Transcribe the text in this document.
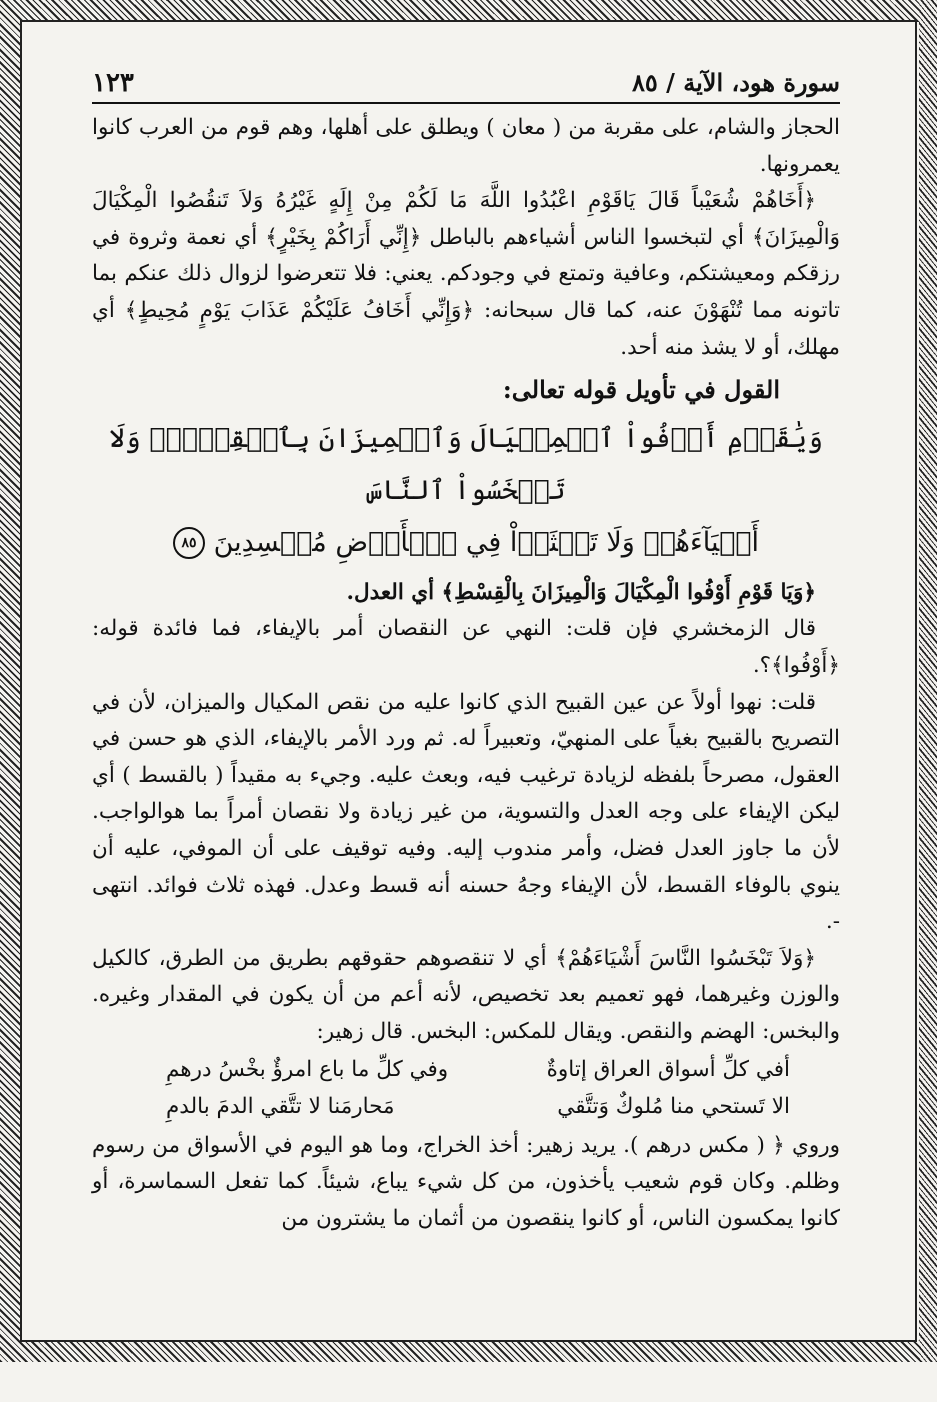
سورة هود، الآية / ٨٥
١٢٣

الحجاز والشام، على مقربة من ( معان ) ويطلق على أهلها، وهم قوم من العرب كانوا يعمرونها.

﴿أَخَاهُمْ شُعَيْباً قَالَ يَاقَوْمِ اعْبُدُوا اللَّهَ مَا لَكُمْ مِنْ إِلَهٍ غَيْرُهُ وَلاَ تَنقُصُوا الْمِكْيَالَ وَالْمِيزَانَ﴾ أي لتبخسوا الناس أشياءهم بالباطل ﴿إِنِّي أَرَاكُمْ بِخَيْرٍ﴾ أي نعمة وثروة في رزقكم ومعيشتكم، وعافية وتمتع في وجودكم. يعني: فلا تتعرضوا لزوال ذلك عنكم بما تاتونه مما تُنْهَوْنَ عنه، كما قال سبحانه: ﴿وَإِنِّي أَخَافُ عَلَيْكُمْ عَذَابَ يَوْمٍ مُحِيطٍ﴾ أي مهلك، أو لا يشذ منه أحد.

القول في تأويل قوله تعالى:

وَيَٰقَوۡمِ أَوۡفُواْ ٱلۡمِكۡيَالَ وَٱلۡمِيزَانَ بِٱلۡقِسۡطِۖ وَلَا تَبۡخَسُواْ ٱلنَّاسَ
أَشۡيَآءَهُمۡ وَلَا تَعۡثَوۡاْ فِي ٱلۡأَرۡضِ مُفۡسِدِينَ ٨٥

﴿وَيَا قَوْمِ أَوْفُوا الْمِكْيَالَ وَالْمِيزَانَ بِالْقِسْطِ﴾ أي العدل.

قال الزمخشري فإن قلت: النهي عن النقصان أمر بالإيفاء، فما فائدة قوله: ﴿أَوْفُوا﴾؟.

قلت: نهوا أولاً عن عين القبيح الذي كانوا عليه من نقص المكيال والميزان، لأن في التصريح بالقبيح بغياً على المنهيّ، وتعبيراً له. ثم ورد الأمر بالإيفاء، الذي هو حسن في العقول، مصرحاً بلفظه لزيادة ترغيب فيه، وبعث عليه. وجيء به مقيداً ( بالقسط ) أي ليكن الإيفاء على وجه العدل والتسوية، من غير زيادة ولا نقصان أمراً بما هوالواجب. لأن ما جاوز العدل فضل، وأمر مندوب إليه. وفيه توقيف على أن الموفي، عليه أن ينوي بالوفاء القسط، لأن الإيفاء وجهُ حسنه أنه قسط وعدل. فهذه ثلاث فوائد. انتهى -.

﴿وَلاَ تَبْخَسُوا النَّاسَ أَشْيَاءَهُمْ﴾ أي لا تنقصوهم حقوقهم بطريق من الطرق، كالكيل والوزن وغيرهما، فهو تعميم بعد تخصيص، لأنه أعم من أن يكون في المقدار وغيره. والبخس: الهضم والنقص. ويقال للمكس: البخس. قال زهير:

أفي كلِّ أسواق العراق إتاوةٌ
وفي كلِّ ما باع امرؤٌ بخْسُ درهمِ
الا تَستحي منا مُلوكٌ وَتتَّقي
مَحارمَنا لا تتَّقي الدمَ بالدمِ

وروي ﴿ ( مكس درهم ). يريد زهير: أخذ الخراج، وما هو اليوم في الأسواق من رسوم وظلم. وكان قوم شعيب يأخذون، من كل شيء يباع، شيئاً. كما تفعل السماسرة، أو كانوا يمكسون الناس، أو كانوا ينقصون من أثمان ما يشترون من
